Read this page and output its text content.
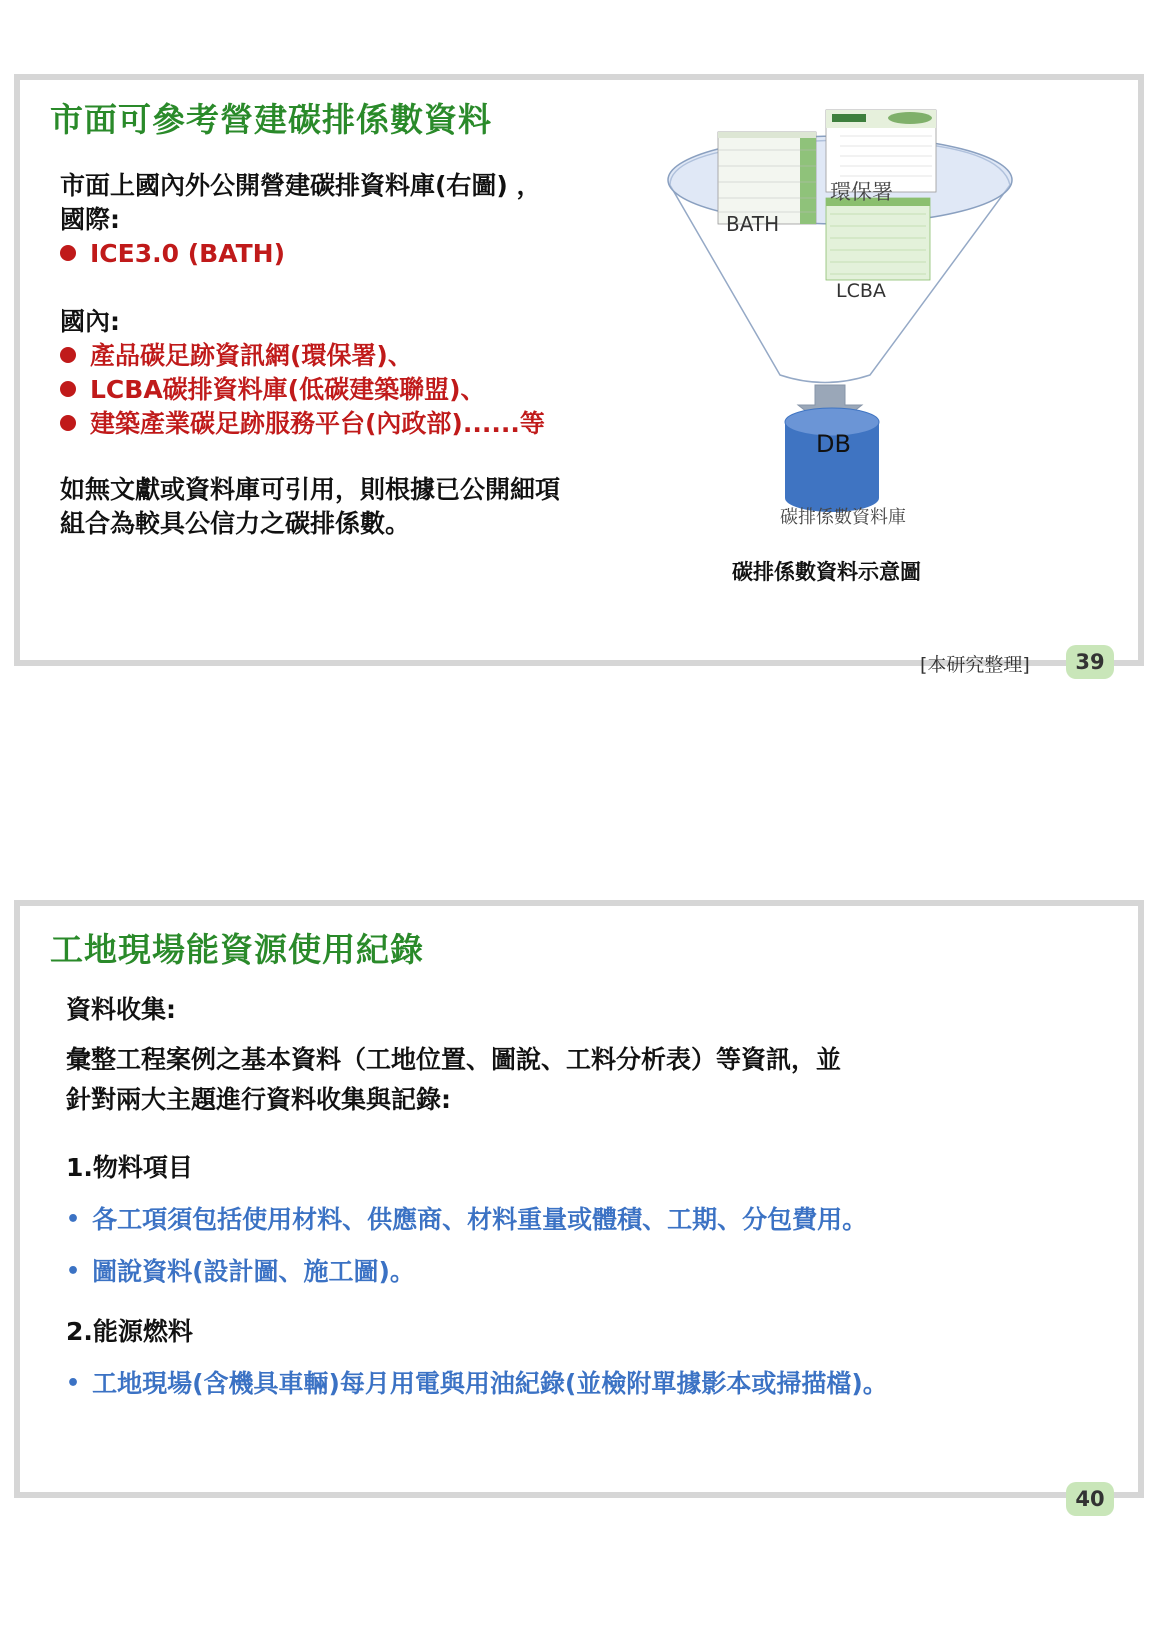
市面可參考營建碳排係數資料

市面上國內外公開營建碳排資料庫(右圖) ，

國際:

ICE3.0 (BATH)

國內:

產品碳足跡資訊網(環保署)、

LCBA碳排資料庫(低碳建築聯盟)、

建築產業碳足跡服務平台(內政部)......等

如無文獻或資料庫可引用，則根據已公開細項

組合為較具公信力之碳排係數。

環保署
BATH
LCBA
DB
碳排係數資料庫
碳排係數資料示意圖
[本研究整理]	39
工地現場能資源使用紀錄

資料收集:

彙整工程案例之基本資料（工地位置、圖說、工料分析表）等資訊，並

針對兩大主題進行資料收集與記錄:

1.物料項目

• 各工項須包括使用材料、供應商、材料重量或體積、工期、分包費用。

• 圖說資料(設計圖、施工圖)。

2.能源燃料

• 工地現場(含機具車輛)每月用電與用油紀錄(並檢附單據影本或掃描檔)。

40
